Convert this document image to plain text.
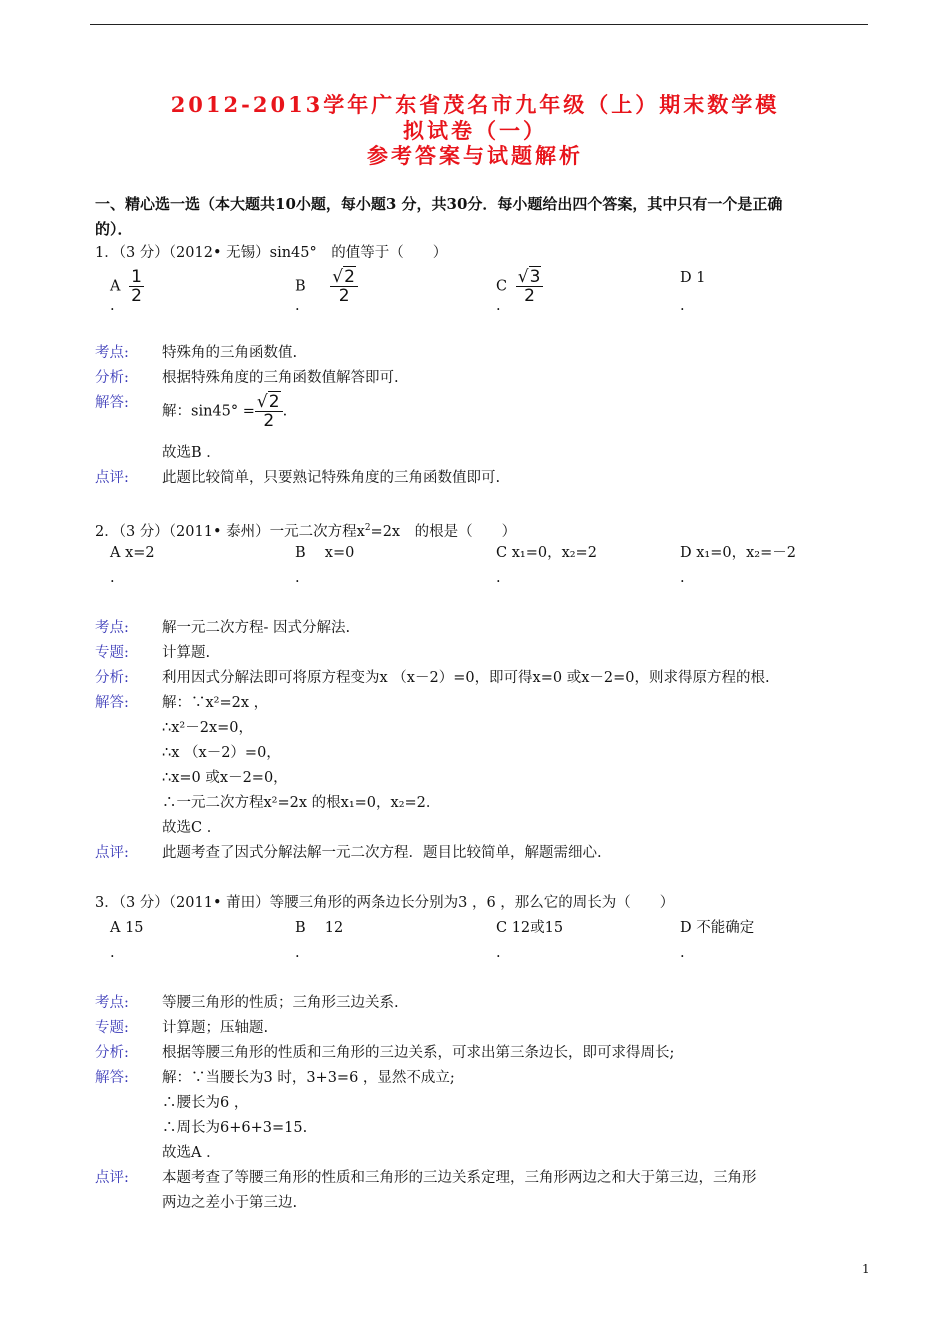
2012-2013学年广东省茂名市九年级（上）期末数学模
拟试卷（一）
参考答案与试题解析
一、精心选一选（本大题共10小题，每小题3 分，共30分．每小题给出四个答案，其中只有一个是正确
的）．
1．（3 分）（2012• 无锡）sin45°　的值等于（　　）
A $\frac{1}{2}$	B $\frac{√2}{2}$	C $\frac{√3}{2}$	D 1
.	.	.	.
考点: 特殊角的三角函数值.
分析: 根据特殊角度的三角函数值解答即可.
解答:
解：$\sin 45^\circ = \frac{√2}{2}$ .
故选B ．
点评: 此题比较简单，只要熟记特殊角度的三角函数值即可.
2．（3 分）（2011• 泰州）一元二次方程$x^2=2x$　的根是（　　）
A x=2	B　 x=0	C x₁=0，x₂=2	D x₁=0，x₂=－2
.	.	.	.
考点: 解一元二次方程- 因式分解法.
专题: 计算题.
分析: 利用因式分解法即可将原方程变为x （x－2）=0，即可得x=0 或x－2=0，则求得原方程的根.
解答: 解：∵x²=2x ，
∴x²－2x=0，
∴x （x－2）=0，
∴x=0 或x－2=0，
∴一元二次方程x²=2x 的根x₁=0，x₂=2．
故选C ．
点评: 此题考查了因式分解法解一元二次方程．题目比较简单，解题需细心.
3．（3 分）（2011• 莆田）等腰三角形的两条边长分别为3 ，6 ，那么它的周长为（　　）
A 15	B　 12	C 12或15	D 不能确定
.	.	.	.
考点: 等腰三角形的性质；三角形三边关系.
专题: 计算题；压轴题.
分析: 根据等腰三角形的性质和三角形的三边关系，可求出第三条边长，即可求得周长;
解答: 解：∵当腰长为3 时，3+3=6 ，显然不成立;
∴腰长为6 ，
∴周长为6+6+3=15.
故选A ．
点评: 本题考查了等腰三角形的性质和三角形的三边关系定理，三角形两边之和大于第三边，三角形
两边之差小于第三边.
1
